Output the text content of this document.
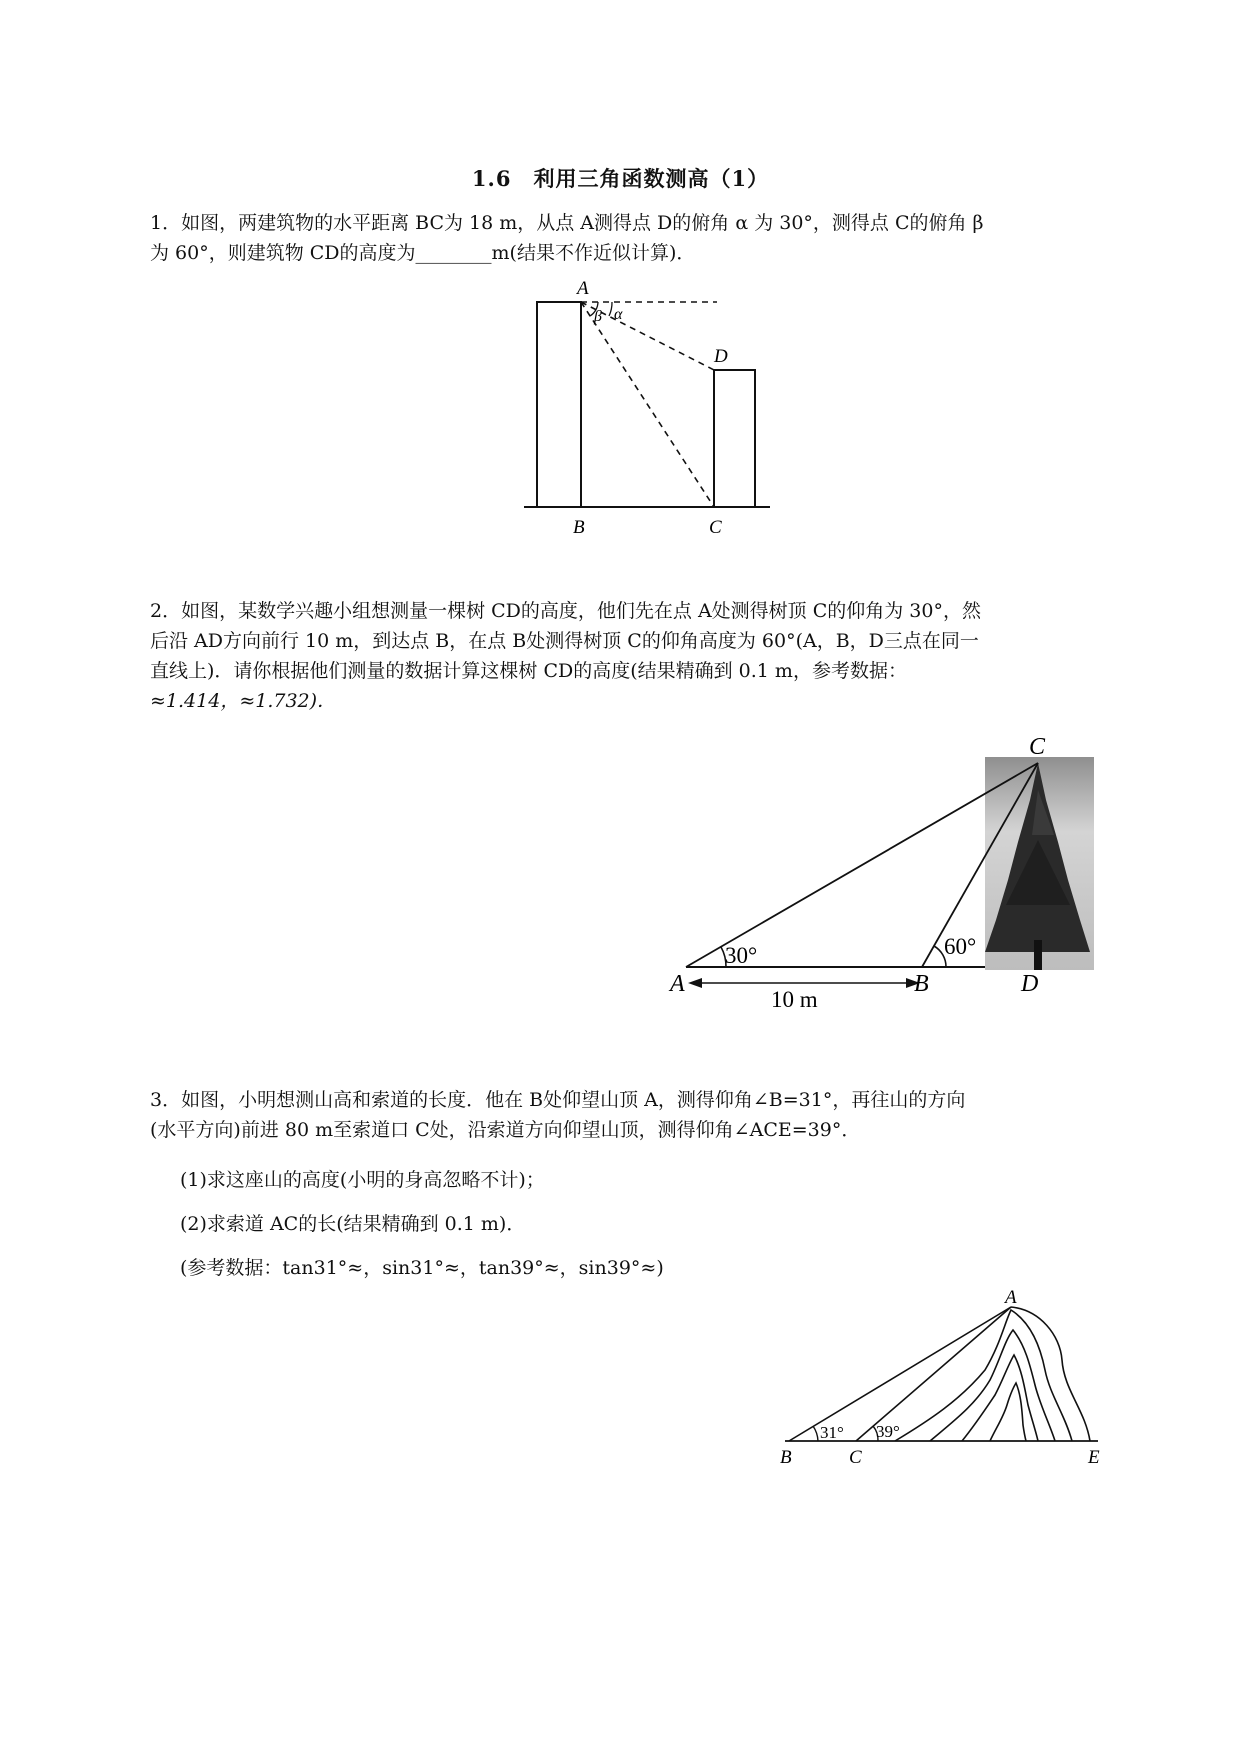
1.6　利用三角函数测高（1）
1．如图，两建筑物的水平距离 BC为 18 m，从点 A测得点 D的俯角 α 为 30°，测得点 C的俯角 β
为 60°，则建筑物 CD的高度为________m(结果不作近似计算)．
A
β α
D
B	C
2．如图，某数学兴趣小组想测量一棵树 CD的高度，他们先在点 A处测得树顶 C的仰角为 30°，然
后沿 AD方向前行 10 m，到达点 B，在点 B处测得树顶 C的仰角高度为 60°(A，B，D三点在同一
直线上)．请你根据他们测量的数据计算这棵树 CD的高度(结果精确到 0.1 m，参考数据：
≈1.414，≈1.732)．
30°	60°
C
A	B	D
10 m
3．如图，小明想测山高和索道的长度．他在 B处仰望山顶 A，测得仰角∠B=31°，再往山的方向
(水平方向)前进 80 m至索道口 C处，沿索道方向仰望山顶，测得仰角∠ACE=39°．
(1)求这座山的高度(小明的身高忽略不计)；
(2)求索道 AC的长(结果精确到 0.1 m)．
(参考数据：tan31°≈，sin31°≈，tan39°≈，sin39°≈)
31° 39°
A
B	C	E
